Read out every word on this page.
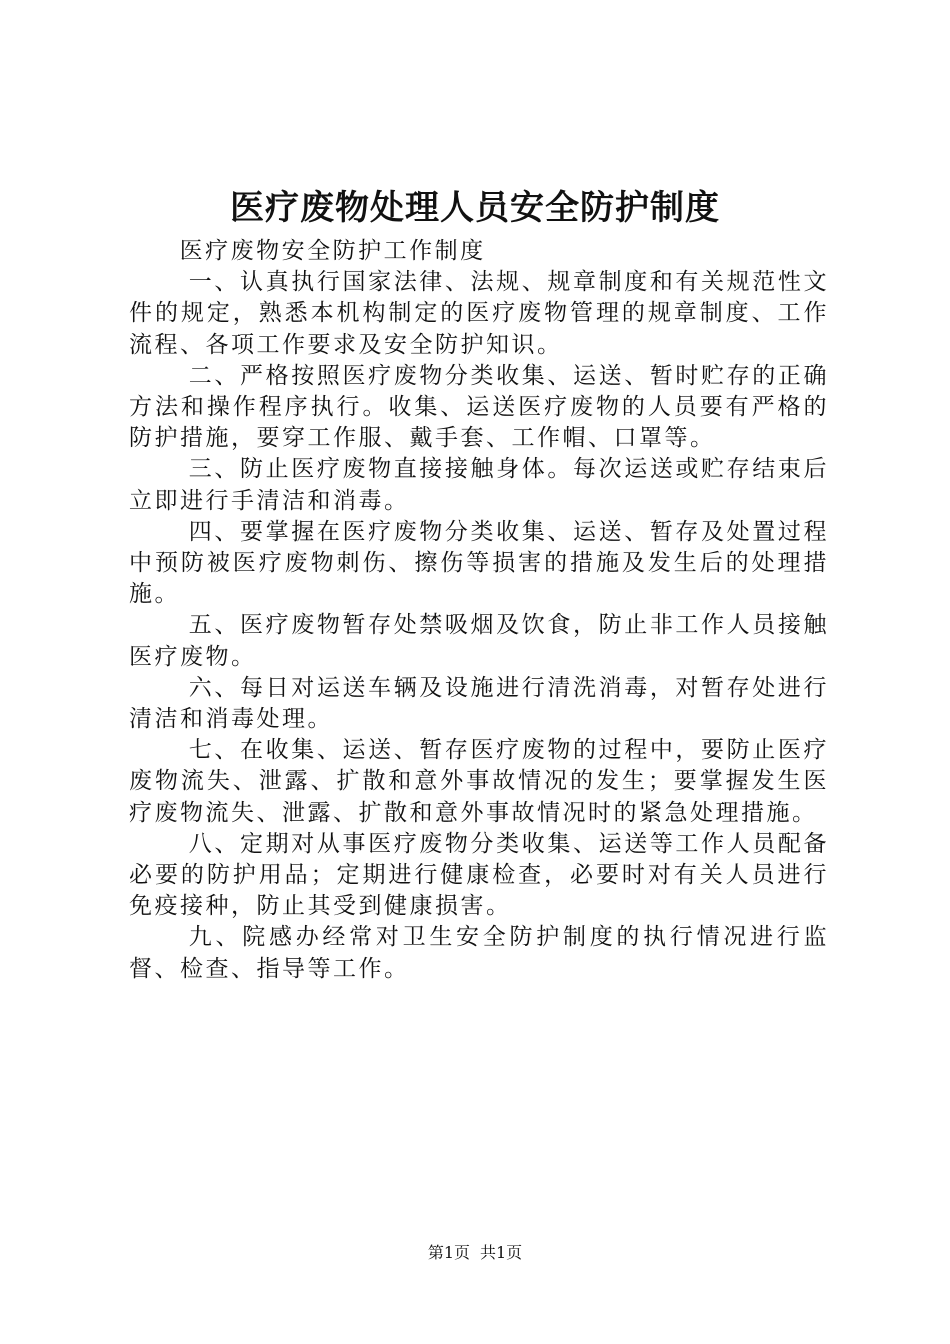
医疗废物处理人员安全防护制度

医疗废物安全防护工作制度

一、认真执行国家法律、法规、规章制度和有关规范性文件的规定，熟悉本机构制定的医疗废物管理的规章制度、工作流程、各项工作要求及安全防护知识。

二、严格按照医疗废物分类收集、运送、暂时贮存的正确方法和操作程序执行。收集、运送医疗废物的人员要有严格的防护措施，要穿工作服、戴手套、工作帽、口罩等。

三、防止医疗废物直接接触身体。每次运送或贮存结束后立即进行手清洁和消毒。

四、要掌握在医疗废物分类收集、运送、暂存及处置过程中预防被医疗废物刺伤、擦伤等损害的措施及发生后的处理措施。

五、医疗废物暂存处禁吸烟及饮食，防止非工作人员接触医疗废物。

六、每日对运送车辆及设施进行清洗消毒，对暂存处进行清洁和消毒处理。

七、在收集、运送、暂存医疗废物的过程中，要防止医疗废物流失、泄露、扩散和意外事故情况的发生；要掌握发生医疗废物流失、泄露、扩散和意外事故情况时的紧急处理措施。

八、定期对从事医疗废物分类收集、运送等工作人员配备必要的防护用品；定期进行健康检查，必要时对有关人员进行免疫接种，防止其受到健康损害。

九、院感办经常对卫生安全防护制度的执行情况进行监督、检查、指导等工作。

第1页 共1页
